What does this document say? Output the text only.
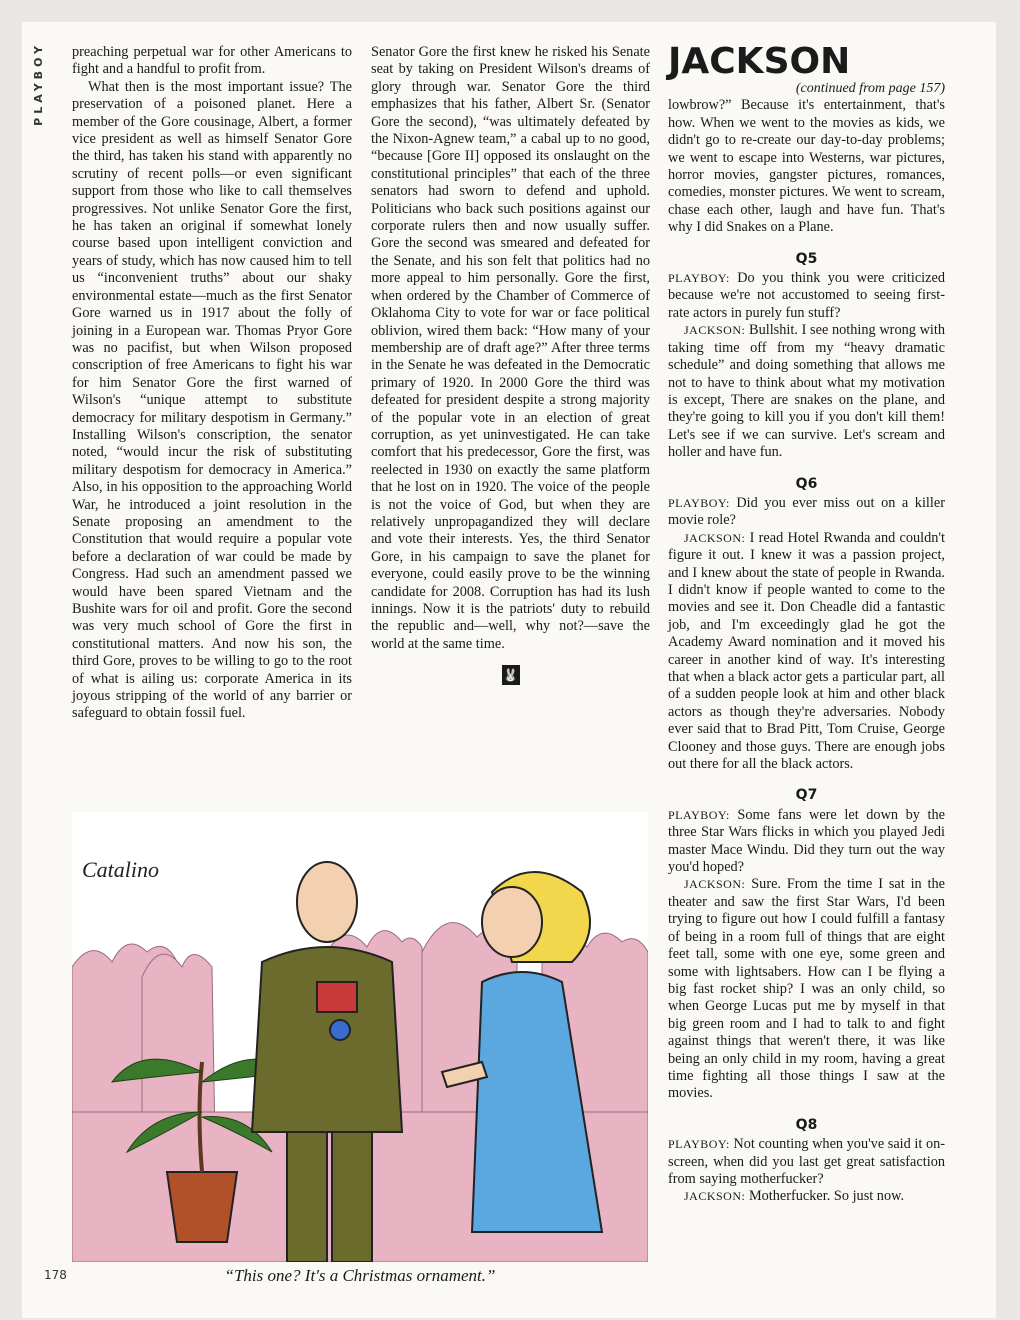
PLAYBOY	preaching perpetual war for other Americans to fight and a handful to profit from.

What then is the most important issue? The preservation of a poisoned planet. Here a member of the Gore cousinage, Albert, a former vice president as well as himself Senator Gore the third, has taken his stand with apparently no scrutiny of recent polls—or even significant support from those who like to call themselves progressives. Not unlike Senator Gore the first, he has taken an original if somewhat lonely course based upon intelligent conviction and years of study, which has now caused him to tell us “inconvenient truths” about our shaky environmental estate—much as the first Senator Gore warned us in 1917 about the folly of joining in a European war. Thomas Pryor Gore was no pacifist, but when Wilson proposed conscription of free Americans to fight his war for him Senator Gore the first warned of Wilson's “unique attempt to substitute democracy for military despotism in Germany.” Installing Wilson's conscription, the senator noted, “would incur the risk of substituting military despotism for democracy in America.” Also, in his opposition to the approaching World War, he introduced a joint resolution in the Senate proposing an amendment to the Constitution that would require a popular vote before a declaration of war could be made by Congress. Had such an amendment passed we would have been spared Vietnam and the Bushite wars for oil and profit. Gore the second was very much school of Gore the first in constitutional matters. And now his son, the third Gore, proves to be willing to go to the root of what is ailing us: corporate America in its joyous stripping of the world of any barrier or safeguard to obtain fossil fuel.

Senator Gore the first knew he risked his Senate seat by taking on President Wilson's dreams of glory through war. Senator Gore the third emphasizes that his father, Albert Sr. (Senator Gore the second), “was ultimately defeated by the Nixon-Agnew team,” a cabal up to no good, “because [Gore II] opposed its onslaught on the constitutional principles” that each of the three senators had sworn to defend and uphold. Politicians who back such positions against our corporate rulers then and now usually suffer. Gore the second was smeared and defeated for the Senate, and his son felt that politics had no more appeal to him personally. Gore the first, when ordered by the Chamber of Commerce of Oklahoma City to vote for war or face political oblivion, wired them back: “How many of your membership are of draft age?” After three terms in the Senate he was defeated in the Democratic primary of 1920. In 2000 Gore the third was defeated for president despite a strong majority of the popular vote in an election of great corruption, as yet uninvestigated. He can take comfort that his predecessor, Gore the first, was reelected in 1930 on exactly the same platform that he lost on in 1920. The voice of the people is not the voice of God, but when they are relatively unpropagandized they will declare and vote their interests. Yes, the third Senator Gore, in his campaign to save the planet for everyone, could easily prove to be the winning candidate for 2008. Corruption has had its lush innings. Now it is the patriots' duty to rebuild the republic and—well, why not?—save the world at the same time.

🐰
JACKSON
(continued from page 157)

lowbrow?” Because it's entertainment, that's how. When we went to the movies as kids, we didn't go to re-create our day-to-day problems; we went to escape into Westerns, war pictures, horror movies, gangster pictures, romances, comedies, monster pictures. We went to scream, chase each other, laugh and have fun. That's why I did Snakes on a Plane.

Q5

PLAYBOY: Do you think you were criticized because we're not accustomed to seeing first-rate actors in purely fun stuff?

JACKSON: Bullshit. I see nothing wrong with taking time off from my “heavy dramatic schedule” and doing something that allows me not to have to think about what my motivation is except, There are snakes on the plane, and they're going to kill you if you don't kill them! Let's see if we can survive. Let's scream and holler and have fun.

Q6

PLAYBOY: Did you ever miss out on a killer movie role?

JACKSON: I read Hotel Rwanda and couldn't figure it out. I knew it was a passion project, and I knew about the state of people in Rwanda. I didn't know if people wanted to come to the movies and see it. Don Cheadle did a fantastic job, and I'm exceedingly glad he got the Academy Award nomination and it moved his career in another kind of way. It's interesting that when a black actor gets a particular part, all of a sudden people look at him and other black actors as though they're adversaries. Nobody ever said that to Brad Pitt, Tom Cruise, George Clooney and those guys. There are enough jobs out there for all the black actors.

Q7

PLAYBOY: Some fans were let down by the three Star Wars flicks in which you played Jedi master Mace Windu. Did they turn out the way you'd hoped?

JACKSON: Sure. From the time I sat in the theater and saw the first Star Wars, I'd been trying to figure out how I could fulfill a fantasy of being in a room full of things that are eight feet tall, some with one eye, some green and some with lightsabers. How can I be flying a big fast rocket ship? I was an only child, so when George Lucas put me by myself in that big green room and I had to talk to and fight against things that weren't there, it was like being an only child in my room, having a great time fighting all those things I saw at the movies.

Q8

PLAYBOY: Not counting when you've said it on-screen, when did you last get great satisfaction from saying motherfucker?

JACKSON: Motherfucker. So just now.

Catalino
“This one? It's a Christmas ornament.”
178
